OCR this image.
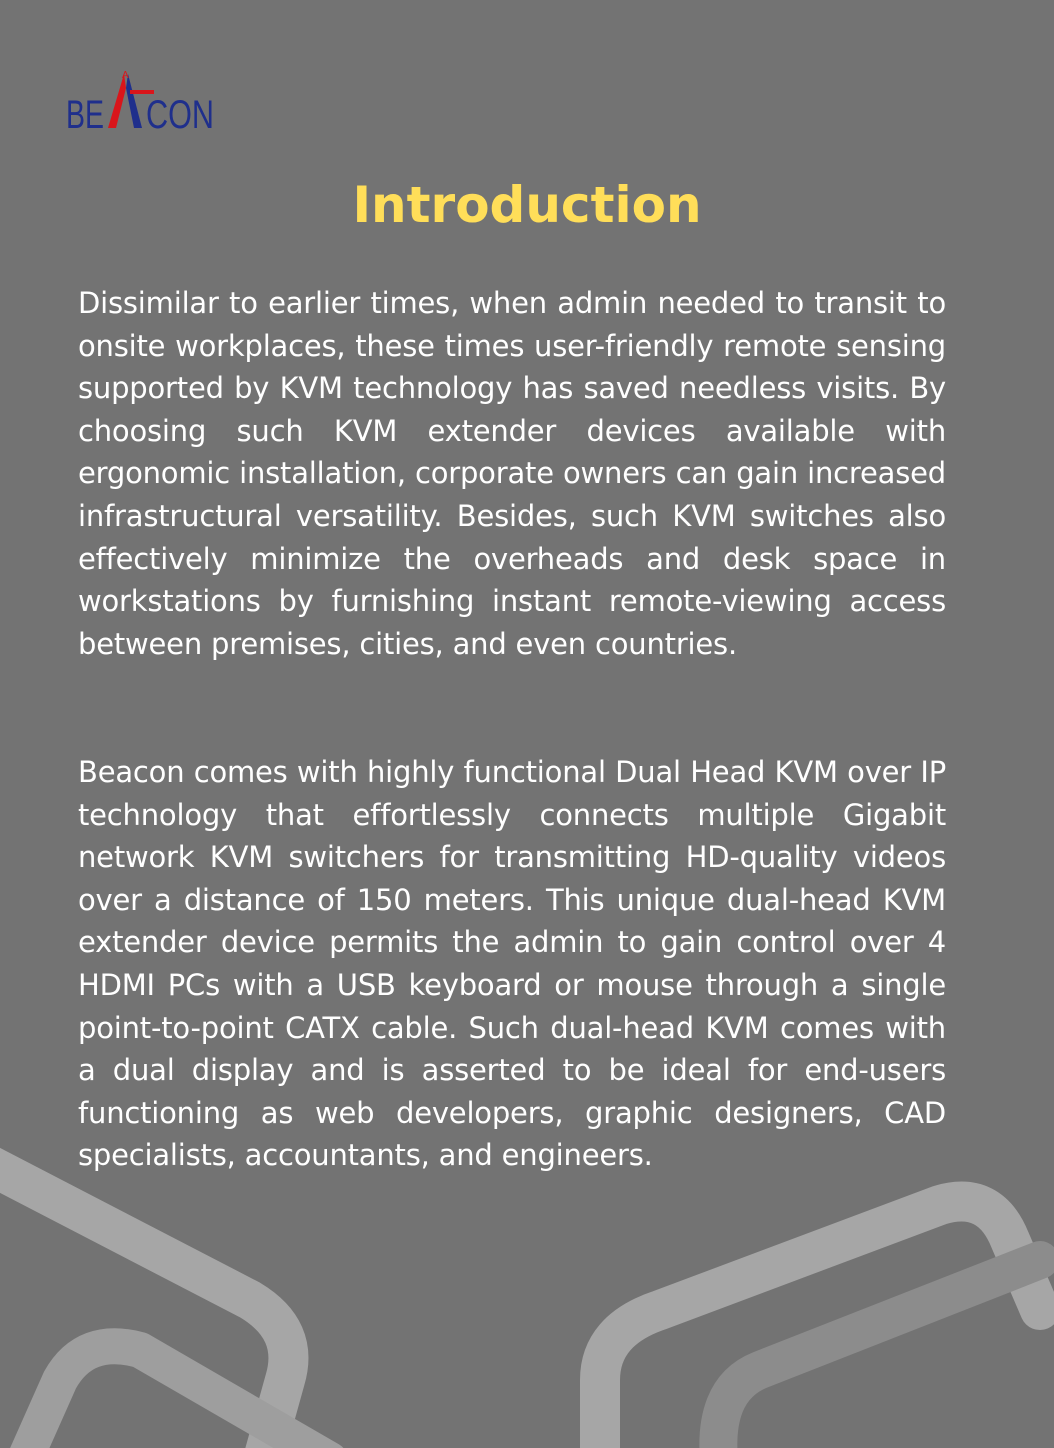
BE
A
CON
Introduction

Dissimilar to earlier times, when admin needed to transit to onsite workplaces, these times user-friendly remote sensing supported by KVM technology has saved needless visits. By choosing such KVM extender devices available with ergonomic installation, corporate owners can gain increased infrastructural versatility. Besides, such KVM switches also effectively minimize the overheads and desk space in workstations by furnishing instant remote-viewing access between premises, cities, and even countries.

Beacon comes with highly functional Dual Head KVM over IP technology that effortlessly connects multiple Gigabit network KVM switchers for transmitting HD-quality videos over a distance of 150 meters. This unique dual-head KVM extender device permits the admin to gain control over 4 HDMI PCs with a USB keyboard or mouse through a single point-to-point CATX cable. Such dual-head KVM comes with a dual display and is asserted to be ideal for end-users functioning as web developers, graphic designers, CAD specialists, accountants, and engineers.
